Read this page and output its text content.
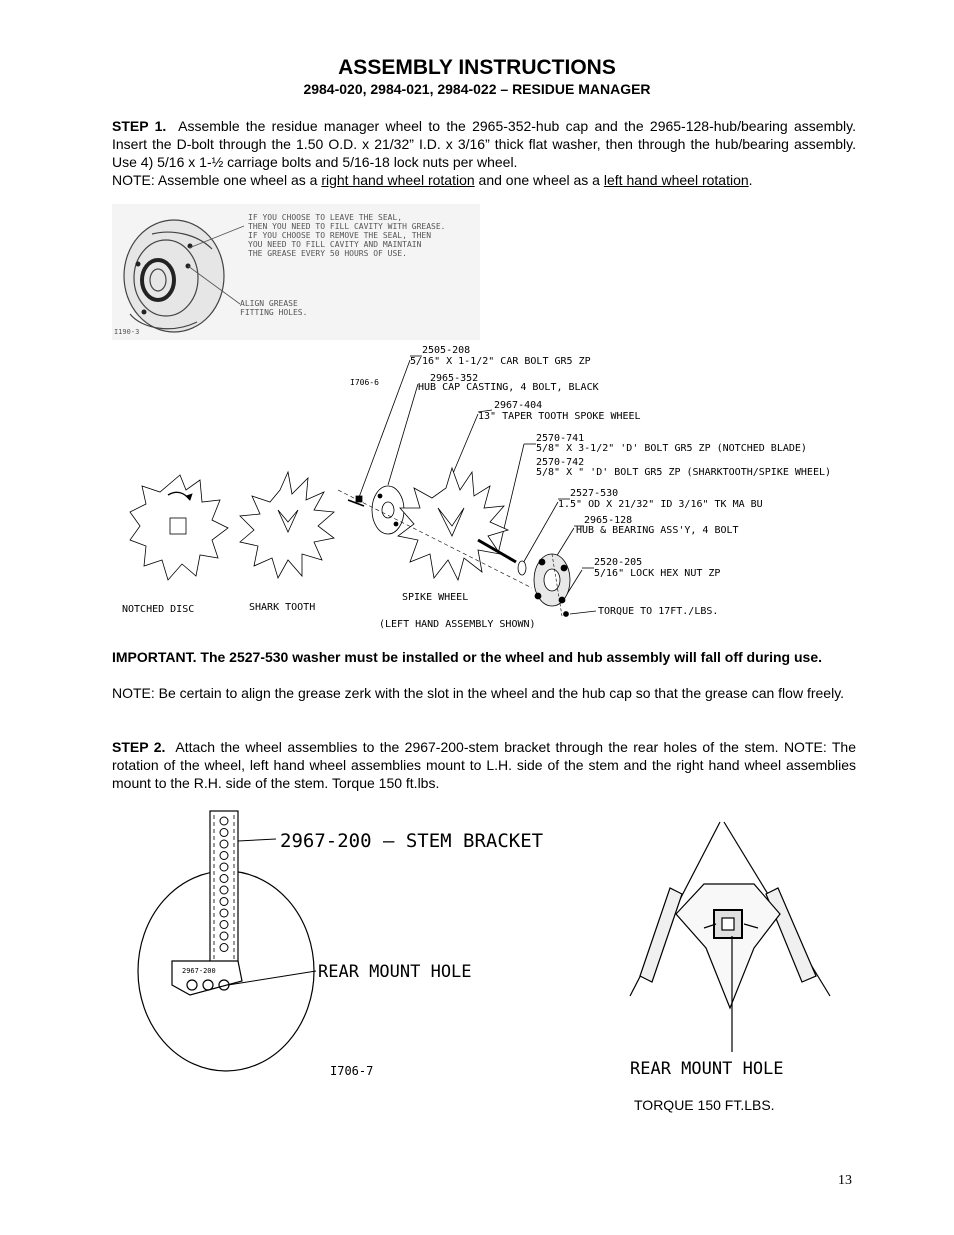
ASSEMBLY INSTRUCTIONS
2984-020, 2984-021, 2984-022 – RESIDUE MANAGER
STEP 1. Assemble the residue manager wheel to the 2965-352-hub cap and the 2965-128-hub/bearing assembly. Insert the D-bolt through the 1.50 O.D. x 21/32” I.D. x 3/16” thick flat washer, then through the hub/bearing assembly. Use 4) 5/16 x 1-½ carriage bolts and 5/16-18 lock nuts per wheel.
NOTE: Assemble one wheel as a right hand wheel rotation and one wheel as a left hand wheel rotation.
IF YOU CHOOSE TO LEAVE THE SEAL,
THEN YOU NEED TO FILL CAVITY WITH GREASE.
IF YOU CHOOSE TO REMOVE THE SEAL, THEN
YOU NEED TO FILL CAVITY AND MAINTAIN
THE GREASE EVERY 50 HOURS OF USE.
ALIGN GREASE
FITTING HOLES.
I190-3
I706-6
2505-208
5/16" X 1-1/2" CAR BOLT GR5 ZP
2965-352
HUB CAP CASTING, 4 BOLT, BLACK
2967-404
13" TAPER TOOTH SPOKE WHEEL
2570-741
5/8" X 3-1/2" 'D' BOLT GR5 ZP (NOTCHED BLADE)
2570-742
5/8" X " 'D' BOLT GR5 ZP (SHARKTOOTH/SPIKE WHEEL)
2527-530
1.5" OD X 21/32" ID 3/16" TK MA BU
2965-128
HUB & BEARING ASS'Y, 4 BOLT
2520-205
5/16" LOCK HEX NUT ZP
TORQUE TO 17FT./LBS.
NOTCHED DISC	SHARK TOOTH
SPIKE WHEEL
(LEFT HAND ASSEMBLY SHOWN)
IMPORTANT. The 2527-530 washer must be installed or the wheel and hub assembly will fall off during use.
NOTE: Be certain to align the grease zerk with the slot in the wheel and the hub cap so that the grease can flow freely.
STEP 2. Attach the wheel assemblies to the 2967-200-stem bracket through the rear holes of the stem. NOTE: The rotation of the wheel, left hand wheel assemblies mount to L.H. side of the stem and the right hand wheel assemblies mount to the R.H. side of the stem. Torque 150 ft.lbs.
2967-200 — STEM BRACKET
2967-200	REAR MOUNT HOLE
I706-7	REAR MOUNT HOLE
TORQUE 150 FT.LBS.
13
